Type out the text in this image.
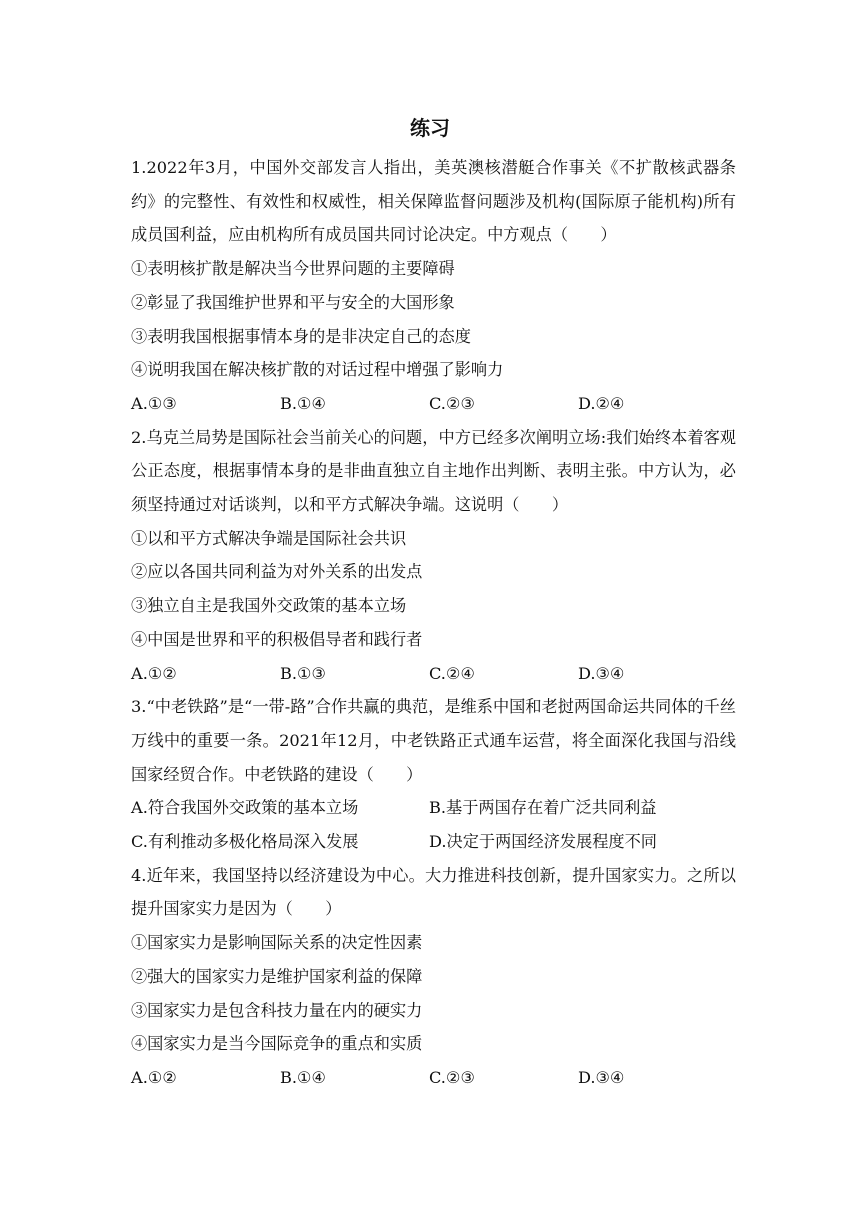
练习

1.2022年3月，中国外交部发言人指出，美英澳核潜艇合作事关《不扩散核武器条约》的完整性、有效性和权威性，相关保障监督问题涉及机构(国际原子能机构)所有成员国利益，应由机构所有成员国共同讨论决定。中方观点（　　）

①表明核扩散是解决当今世界问题的主要障碍

②彰显了我国维护世界和平与安全的大国形象

③表明我国根据事情本身的是非决定自己的态度

④说明我国在解决核扩散的对话过程中增强了影响力

A.①③	B.①④	C.②③	D.②④

2.乌克兰局势是国际社会当前关心的问题，中方已经多次阐明立场:我们始终本着客观公正态度，根据事情本身的是非曲直独立自主地作出判断、表明主张。中方认为，必须坚持通过对话谈判，以和平方式解决争端。这说明（　　）

①以和平方式解决争端是国际社会共识

②应以各国共同利益为对外关系的出发点

③独立自主是我国外交政策的基本立场

④中国是世界和平的积极倡导者和践行者

A.①②	B.①③	C.②④	D.③④

3.“中老铁路”是“一带-路”合作共赢的典范，是维系中国和老挝两国命运共同体的千丝万线中的重要一条。2021年12月，中老铁路正式通车运营，将全面深化我国与沿线国家经贸合作。中老铁路的建设（　　）

A.符合我国外交政策的基本立场	B.基于两国存在着广泛共同利益
C.有利推动多极化格局深入发展	D.决定于两国经济发展程度不同

4.近年来，我国坚持以经济建设为中心。大力推进科技创新，提升国家实力。之所以提升国家实力是因为（　　）

①国家实力是影响国际关系的决定性因素

②强大的国家实力是维护国家利益的保障

③国家实力是包含科技力量在内的硬实力

④国家实力是当今国际竞争的重点和实质

A.①②	B.①④	C.②③	D.③④
